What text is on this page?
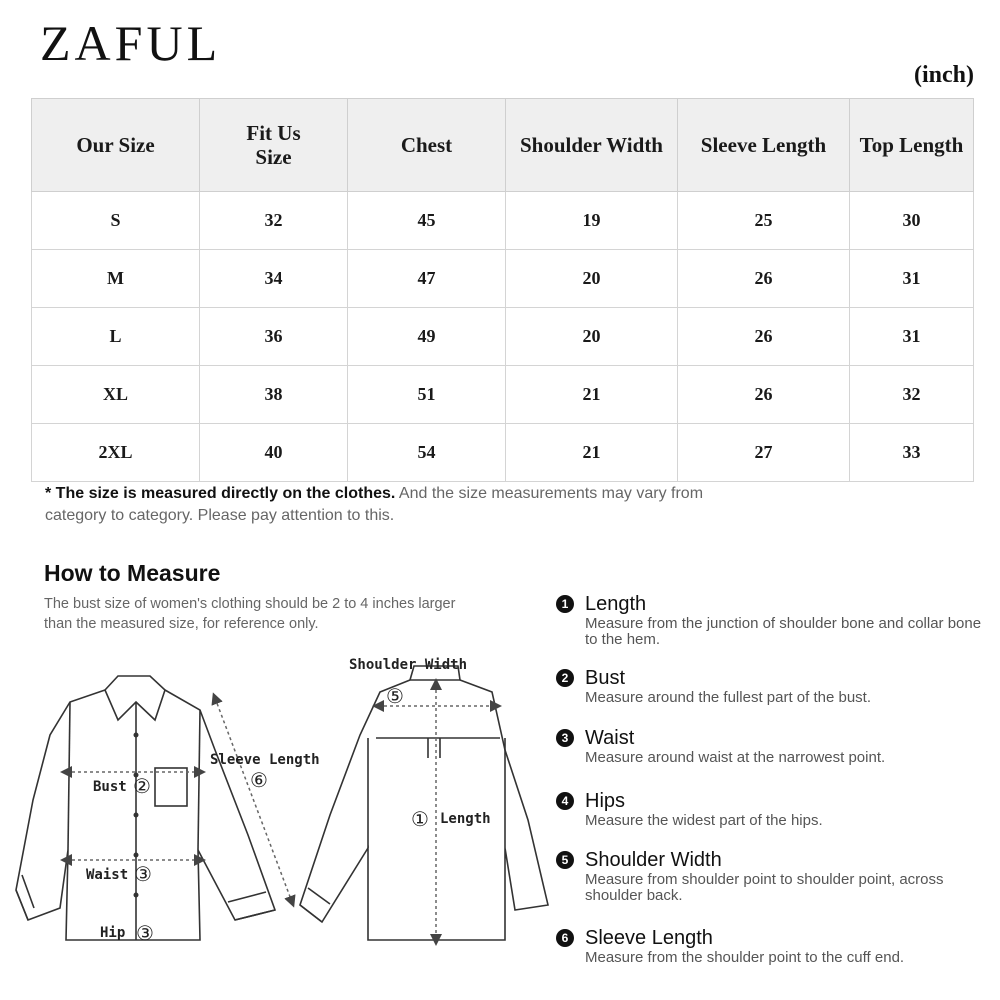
ZAFUL
(inch)
Our Size	Fit Us Size	Chest	Shoulder Width	Sleeve Length	Top Length
S	32	45	19	25	30
M	34	47	20	26	31
L	36	49	20	26	31
XL	38	51	21	26	32
2XL	40	54	21	27	33
* The size is measured directly on the clothes. And the size measurements may vary from category to category. Please pay attention to this.
How to Measure
The bust size of women's clothing should be 2 to 4 inches larger than the measured size, for reference only.
Bust ②
Waist ③
Hip ③
Sleeve Length
⑥
Shoulder Width
⑤
① Length
1 Length
Measure from the junction of shoulder bone and collar bone to the hem.
2 Bust
Measure around the fullest part of the bust.
3 Waist
Measure around waist at the narrowest point.
4 Hips
Measure the widest part of the hips.
5 Shoulder Width
Measure from shoulder point to shoulder point, across shoulder back.
6 Sleeve Length
Measure from the shoulder point to the cuff end.
